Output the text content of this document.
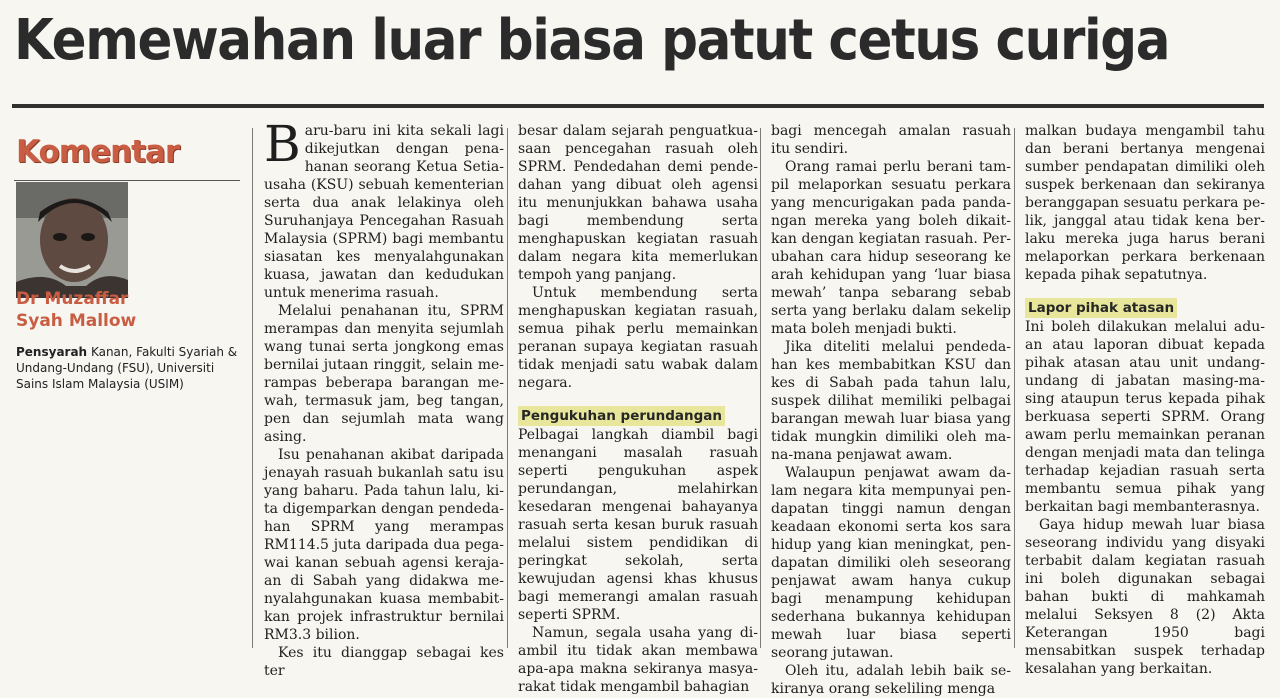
Kemewahan luar biasa patut cetus curiga
Komentar

Dr Muzaffar
Syah Mallow

Pensyarah Kanan, Fakulti Syariah & Undang-Undang (FSU), Universiti Sains Islam Malaysia (USIM)

Baru-baru ini kita sekali lagi dikejutkan dengan penahanan seorang Ketua Setiausaha (KSU) sebuah kementerian serta dua anak lelakinya oleh Suruhanjaya Pencegahan Rasuah Malaysia (SPRM) bagi membantu siasatan kes menyalahgunakan kuasa, jawatan dan kedudukan untuk menerima rasuah.

Melalui penahanan itu, SPRM merampas dan menyita sejumlah wang tunai serta jongkong emas bernilai jutaan ringgit, selain merampas beberapa barangan mewah, termasuk jam, beg tangan, pen dan sejumlah mata wang asing.

Isu penahanan akibat daripada jenayah rasuah bukanlah satu isu yang baharu. Pada tahun lalu, kita digemparkan dengan pendedahan SPRM yang merampas RM114.5 juta daripada dua pegawai kanan sebuah agensi kerajaan di Sabah yang didakwa menyalahgunakan kuasa membabitkan projek infrastruktur bernilai RM3.3 bilion.

Kes itu dianggap sebagai kes ter

besar dalam sejarah penguatkuasaan pencegahan rasuah oleh SPRM. Pendedahan demi pendedahan yang dibuat oleh agensi itu menunjukkan bahawa usaha bagi membendung serta menghapuskan kegiatan rasuah dalam negara kita memerlukan tempoh yang panjang.

Untuk membendung serta menghapuskan kegiatan rasuah, semua pihak perlu memainkan peranan supaya kegiatan rasuah tidak menjadi satu wabak dalam negara.

Pengukuhan perundangan

Pelbagai langkah diambil bagi menangani masalah rasuah seperti pengukuhan aspek perundangan, melahirkan kesedaran mengenai bahayanya rasuah serta kesan buruk rasuah melalui sistem pendidikan di peringkat sekolah, serta kewujudan agensi khas khusus bagi memerangi amalan rasuah seperti SPRM.

Namun, segala usaha yang diambil itu tidak akan membawa apa-apa makna sekiranya masyarakat tidak mengambil bahagian

bagi mencegah amalan rasuah itu sendiri.

Orang ramai perlu berani tampil melaporkan sesuatu perkara yang mencurigakan pada pandangan mereka yang boleh dikaitkan dengan kegiatan rasuah. Perubahan cara hidup seseorang ke arah kehidupan yang ‘luar biasa mewah’ tanpa sebarang sebab serta yang berlaku dalam sekelip mata boleh menjadi bukti.

Jika diteliti melalui pendedahan kes membabitkan KSU dan kes di Sabah pada tahun lalu, suspek dilihat memiliki pelbagai barangan mewah luar biasa yang tidak mungkin dimiliki oleh mana-mana penjawat awam.

Walaupun penjawat awam dalam negara kita mempunyai pendapatan tinggi namun dengan keadaan ekonomi serta kos sara hidup yang kian meningkat, pendapatan dimiliki oleh seseorang penjawat awam hanya cukup bagi menampung kehidupan sederhana bukannya kehidupan mewah luar biasa seperti seorang jutawan.

Oleh itu, adalah lebih baik sekiranya orang sekeliling menga

malkan budaya mengambil tahu dan berani bertanya mengenai sumber pendapatan dimiliki oleh suspek berkenaan dan sekiranya beranggapan sesuatu perkara pelik, janggal atau tidak kena berlaku mereka juga harus berani melaporkan perkara berkenaan kepada pihak sepatutnya.

Lapor pihak atasan

Ini boleh dilakukan melalui aduan atau laporan dibuat kepada pihak atasan atau unit undang-undang di jabatan masing-masing ataupun terus kepada pihak berkuasa seperti SPRM. Orang awam perlu memainkan peranan dengan menjadi mata dan telinga terhadap kejadian rasuah serta membantu semua pihak yang berkaitan bagi membanterasnya.

Gaya hidup mewah luar biasa seseorang individu yang disyaki terbabit dalam kegiatan rasuah ini boleh digunakan sebagai bahan bukti di mahkamah melalui Seksyen 8 (2) Akta Keterangan 1950 bagi mensabitkan suspek terhadap kesalahan yang berkaitan.
